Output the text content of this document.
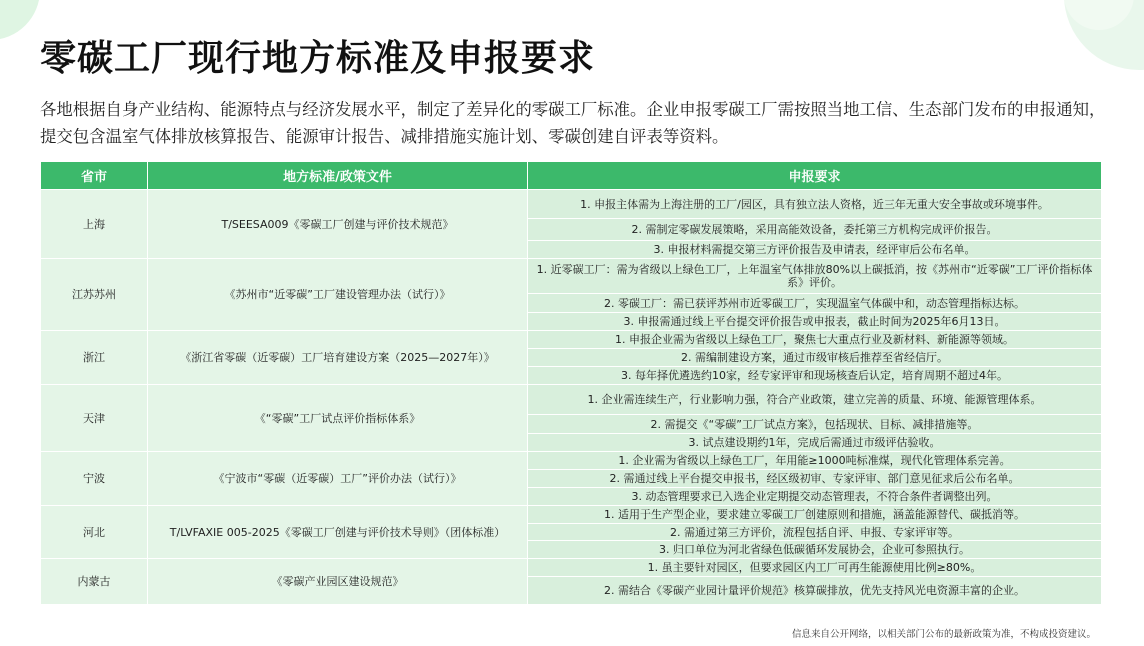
零碳工厂现行地方标准及申报要求

各地根据自身产业结构、能源特点与经济发展水平，制定了差异化的零碳工厂标准。企业申报零碳工厂需按照当地工信、生态部门发布的申报通知，提交包含温室气体排放核算报告、能源审计报告、减排措施实施计划、零碳创建自评表等资料。

省市	地方标准/政策文件	申报要求
上海	T/SEESA009《零碳工厂创建与评价技术规范》	1. 申报主体需为上海注册的工厂/园区，具有独立法人资格，近三年无重大安全事故或环境事件。
		2. 需制定零碳发展策略，采用高能效设备，委托第三方机构完成评价报告。
		3. 申报材料需提交第三方评价报告及申请表，经评审后公布名单。
江苏苏州	《苏州市“近零碳”工厂建设管理办法（试行）》	1. 近零碳工厂：需为省级以上绿色工厂，上年温室气体排放80%以上碳抵消，按《苏州市“近零碳”工厂评价指标体系》评价。
		2. 零碳工厂：需已获评苏州市近零碳工厂，实现温室气体碳中和，动态管理指标达标。
		3. 申报需通过线上平台提交评价报告或申报表，截止时间为2025年6月13日。
浙江	《浙江省零碳（近零碳）工厂培育建设方案（2025—2027年）》	1. 申报企业需为省级以上绿色工厂，聚焦七大重点行业及新材料、新能源等领域。
		2. 需编制建设方案，通过市级审核后推荐至省经信厅。
		3. 每年择优遴选约10家，经专家评审和现场核查后认定，培育周期不超过4年。
天津	《“零碳”工厂试点评价指标体系》	1. 企业需连续生产，行业影响力强，符合产业政策，建立完善的质量、环境、能源管理体系。
		2. 需提交《“零碳”工厂试点方案》，包括现状、目标、减排措施等。
		3. 试点建设期约1年，完成后需通过市级评估验收。
宁波	《宁波市“零碳（近零碳）工厂”评价办法（试行）》	1. 企业需为省级以上绿色工厂，年用能≥1000吨标准煤，现代化管理体系完善。
		2. 需通过线上平台提交申报书，经区级初审、专家评审、部门意见征求后公布名单。
		3. 动态管理要求已入选企业定期提交动态管理表，不符合条件者调整出列。
河北	T/LVFAXIE 005-2025《零碳工厂创建与评价技术导则》（团体标准）	1. 适用于生产型企业，要求建立零碳工厂创建原则和措施，涵盖能源替代、碳抵消等。
		2. 需通过第三方评价，流程包括自评、申报、专家评审等。
		3. 归口单位为河北省绿色低碳循环发展协会，企业可参照执行。
内蒙古	《零碳产业园区建设规范》	1. 虽主要针对园区，但要求园区内工厂可再生能源使用比例≥80%。
		2. 需结合《零碳产业园计量评价规范》核算碳排放，优先支持风光电资源丰富的企业。
信息来自公开网络，以相关部门公布的最新政策为准，不构成投资建议。
